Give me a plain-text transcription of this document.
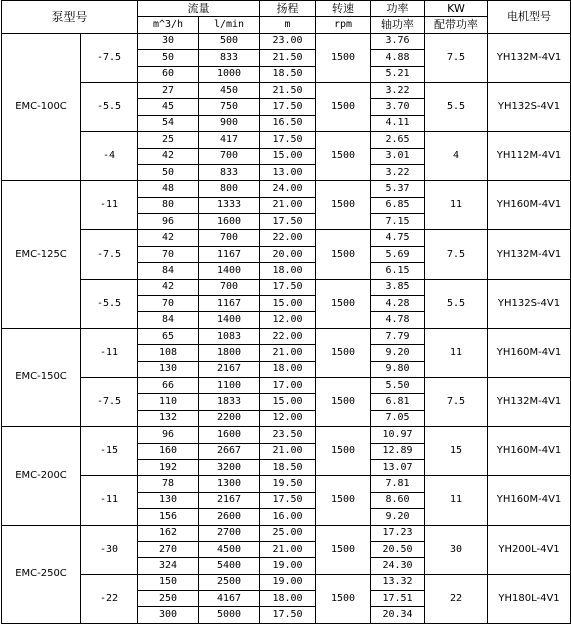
泵型号		流量		扬程	转速	功率	KW	电机型号
		m^3/h	l/min	m	rpm	轴功率	配带功率	
EMC-100C	-7.5	30	500	23.00	1500	3.76	7.5	YH132M-4V1
		50	833	21.50		4.88		
		60	1000	18.50		5.21		
	-5.5	27	450	21.50	1500	3.22	5.5	YH132S-4V1
		45	750	17.50		3.70		
		54	900	16.50		4.11		
	-4	25	417	17.50	1500	2.65	4	YH112M-4V1
		42	700	15.00		3.01		
		50	833	13.00		3.22		
EMC-125C	-11	48	800	24.00	1500	5.37	11	YH160M-4V1
		80	1333	21.00		6.85		
		96	1600	17.50		7.15		
	-7.5	42	700	22.00	1500	4.75	7.5	YH132M-4V1
		70	1167	20.00		5.69		
		84	1400	18.00		6.15		
	-5.5	42	700	17.50	1500	3.85	5.5	YH132S-4V1
		70	1167	15.00		4.28		
		84	1400	12.00		4.78		
EMC-150C	-11	65	1083	22.00	1500	7.79	11	YH160M-4V1
		108	1800	21.00		9.20		
		130	2167	18.00		9.80		
	-7.5	66	1100	17.00	1500	5.50	7.5	YH132M-4V1
		110	1833	15.00		6.81		
		132	2200	12.00		7.05		
EMC-200C	-15	96	1600	23.50	1500	10.97	15	YH160M-4V1
		160	2667	21.00		12.89		
		192	3200	18.50		13.07		
	-11	78	1300	19.50	1500	7.81	11	YH160M-4V1
		130	2167	17.50		8.60		
		156	2600	16.00		9.20		
EMC-250C	-30	162	2700	25.00	1500	17.23	30	YH200L-4V1
		270	4500	21.00		20.50		
		324	5400	19.00		24.30		
	-22	150	2500	19.00	1500	13.32	22	YH180L-4V1
		250	4167	18.00		17.51		
		300	5000	17.50		20.34		
